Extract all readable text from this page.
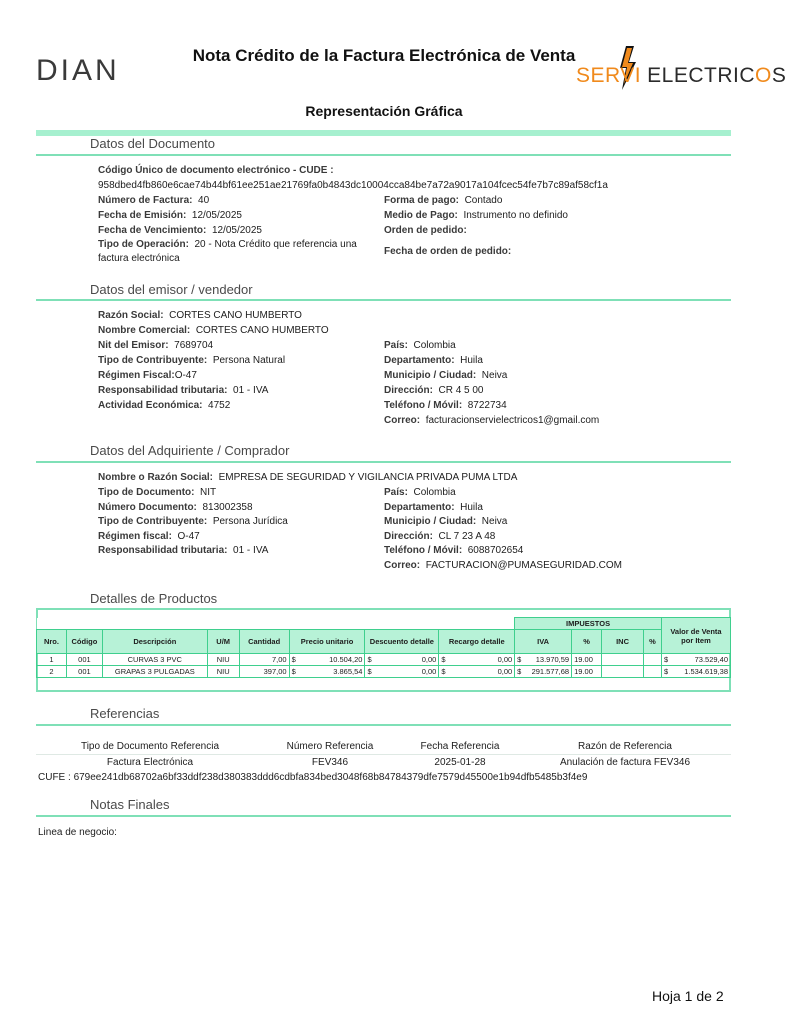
DIAN	Nota Crédito de la Factura Electrónica de Venta
Representación Gráfica
SERVI ELECTRICOS
Datos del Documento
Código Único de documento electrónico - CUDE :
958dbed4fb860e6cae74b44bf61ee251ae21769fa0b4843dc10004cca84be7a72a9017a104fcec54fe7b7c89af58cf1a
Número de Factura: 40
Fecha de Emisión: 12/05/2025
Fecha de Vencimiento: 12/05/2025
Tipo de Operación: 20 - Nota Crédito que referencia una
factura electrónica
Forma de pago: Contado
Medio de Pago: Instrumento no definido
Orden de pedido:
Fecha de orden de pedido:
Datos del emisor / vendedor
Razón Social: CORTES CANO HUMBERTO
Nombre Comercial: CORTES CANO HUMBERTO
Nit del Emisor: 7689704
Tipo de Contribuyente: Persona Natural
Régimen Fiscal:O-47
Responsabilidad tributaria: 01 - IVA
Actividad Económica: 4752
País: Colombia
Departamento: Huila
Municipio / Ciudad: Neiva
Dirección: CR 4 5 00
Teléfono / Móvil: 8722734
Correo: facturacionservielectricos1@gmail.com
Datos del Adquiriente / Comprador
Nombre o Razón Social: EMPRESA DE SEGURIDAD Y VIGILANCIA PRIVADA PUMA LTDA
Tipo de Documento: NIT
Número Documento: 813002358
Tipo de Contribuyente: Persona Jurídica
Régimen fiscal: O-47
Responsabilidad tributaria: 01 - IVA
País: Colombia
Departamento: Huila
Municipio / Ciudad: Neiva
Dirección: CL 7 23 A 48
Teléfono / Móvil: 6088702654
Correo: FACTURACION@PUMASEGURIDAD.COM
Detalles de Productos
								IMPUESTOS				Valor de Venta por Item
Nro.	Código	Descripción	U/M	Cantidad	Precio unitario	Descuento detalle	Recargo detalle	IVA	%	INC	%	
1	001	CURVAS 3 PVC	NIU	7,00	$ 10.504,20	$ 0,00	$ 0,00	$ 13.970,59	19.00			$ 73.529,40
2	001	GRAPAS 3 PULGADAS	NIU	397,00	$ 3.865,54	$ 0,00	$ 0,00	$ 291.577,68	19.00			$ 1.534.619,38
Referencias
Tipo de Documento Referencia	Número Referencia	Fecha Referencia	Razón de Referencia
Factura Electrónica	FEV346	2025-01-28	Anulación de factura FEV346
CUFE : 679ee241db68702a6bf33ddf238d380383ddd6cdbfa834bed3048f68b84784379dfe7579d45500e1b94dfb5485b3f4e9
Notas Finales
Linea de negocio:
Hoja 1 de 2
